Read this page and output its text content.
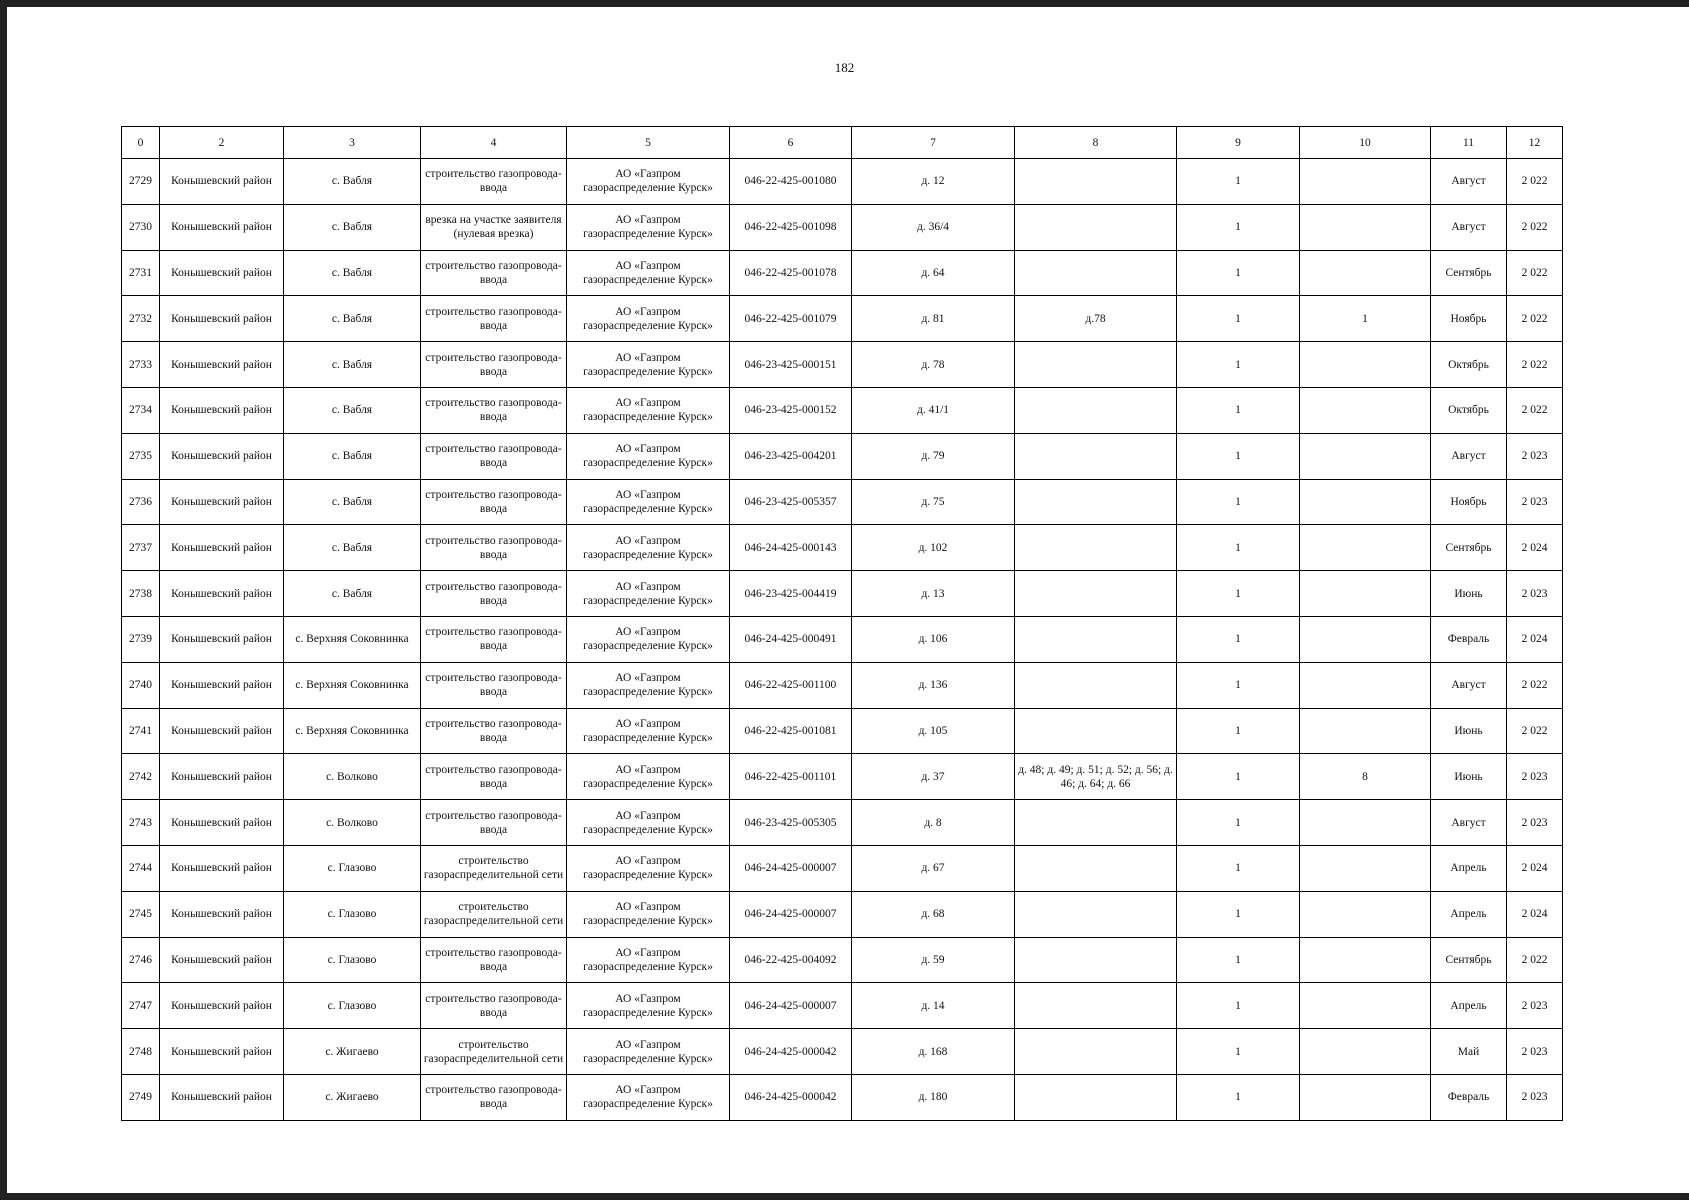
182
0	2	3	4	5	6	7	8	9	10	11	12
2729	Конышевский район	с. Вабля	строительство газопровода-ввода	АО «Газпром газораспределение Курск»	046-22-425-001080	д. 12		1		Август	2 022
2730	Конышевский район	с. Вабля	врезка на участке заявителя (нулевая врезка)	АО «Газпром газораспределение Курск»	046-22-425-001098	д. 36/4		1		Август	2 022
2731	Конышевский район	с. Вабля	строительство газопровода-ввода	АО «Газпром газораспределение Курск»	046-22-425-001078	д. 64		1		Сентябрь	2 022
2732	Конышевский район	с. Вабля	строительство газопровода-ввода	АО «Газпром газораспределение Курск»	046-22-425-001079	д. 81	д.78	1	1	Ноябрь	2 022
2733	Конышевский район	с. Вабля	строительство газопровода-ввода	АО «Газпром газораспределение Курск»	046-23-425-000151	д. 78		1		Октябрь	2 022
2734	Конышевский район	с. Вабля	строительство газопровода-ввода	АО «Газпром газораспределение Курск»	046-23-425-000152	д. 41/1		1		Октябрь	2 022
2735	Конышевский район	с. Вабля	строительство газопровода-ввода	АО «Газпром газораспределение Курск»	046-23-425-004201	д. 79		1		Август	2 023
2736	Конышевский район	с. Вабля	строительство газопровода-ввода	АО «Газпром газораспределение Курск»	046-23-425-005357	д. 75		1		Ноябрь	2 023
2737	Конышевский район	с. Вабля	строительство газопровода-ввода	АО «Газпром газораспределение Курск»	046-24-425-000143	д. 102		1		Сентябрь	2 024
2738	Конышевский район	с. Вабля	строительство газопровода-ввода	АО «Газпром газораспределение Курск»	046-23-425-004419	д. 13		1		Июнь	2 023
2739	Конышевский район	с. Верхняя Соковнинка	строительство газопровода-ввода	АО «Газпром газораспределение Курск»	046-24-425-000491	д. 106		1		Февраль	2 024
2740	Конышевский район	с. Верхняя Соковнинка	строительство газопровода-ввода	АО «Газпром газораспределение Курск»	046-22-425-001100	д. 136		1		Август	2 022
2741	Конышевский район	с. Верхняя Соковнинка	строительство газопровода-ввода	АО «Газпром газораспределение Курск»	046-22-425-001081	д. 105		1		Июнь	2 022
2742	Конышевский район	с. Волково	строительство газопровода-ввода	АО «Газпром газораспределение Курск»	046-22-425-001101	д. 37	д. 48; д. 49; д. 51; д. 52; д. 56; д. 46; д. 64; д. 66	1	8	Июнь	2 023
2743	Конышевский район	с. Волково	строительство газопровода-ввода	АО «Газпром газораспределение Курск»	046-23-425-005305	д. 8		1		Август	2 023
2744	Конышевский район	с. Глазово	строительство газораспределительной сети	АО «Газпром газораспределение Курск»	046-24-425-000007	д. 67		1		Апрель	2 024
2745	Конышевский район	с. Глазово	строительство газораспределительной сети	АО «Газпром газораспределение Курск»	046-24-425-000007	д. 68		1		Апрель	2 024
2746	Конышевский район	с. Глазово	строительство газопровода-ввода	АО «Газпром газораспределение Курск»	046-22-425-004092	д. 59		1		Сентябрь	2 022
2747	Конышевский район	с. Глазово	строительство газопровода-ввода	АО «Газпром газораспределение Курск»	046-24-425-000007	д. 14		1		Апрель	2 023
2748	Конышевский район	с. Жигаево	строительство газораспределительной сети	АО «Газпром газораспределение Курск»	046-24-425-000042	д. 168		1		Май	2 023
2749	Конышевский район	с. Жигаево	строительство газопровода-ввода	АО «Газпром газораспределение Курск»	046-24-425-000042	д. 180		1		Февраль	2 023
